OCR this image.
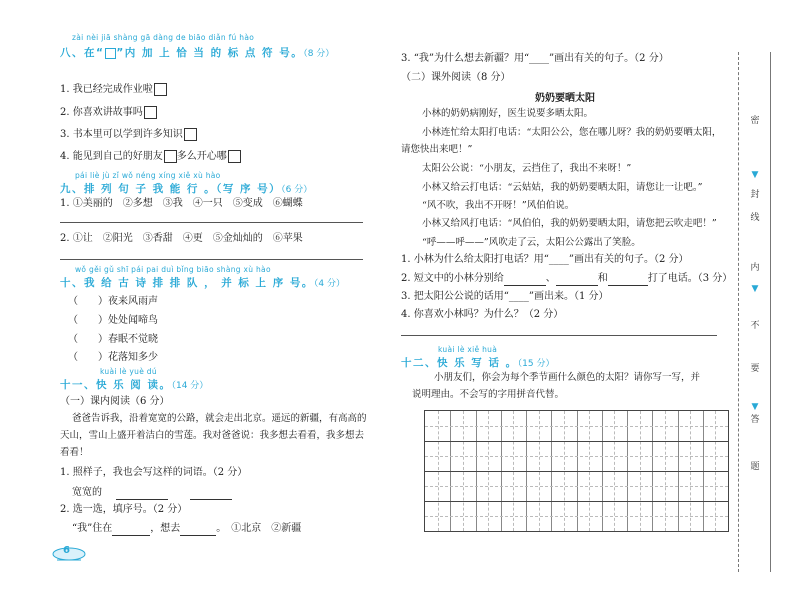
zài nèi jiā shàng gā dàng de biāo diǎn fú hào
八、在“ ”内 加 上 恰 当 的 标 点 符 号。（8 分）
1. 我已经完成作业啦
2. 你喜欢讲故事吗
3. 书本里可以学到许多知识
4. 能见到自己的好朋友 多么开心哪
pái liè jù zǐ wǒ néng xíng xiě xù hào
九、排 列 句 子 我 能 行 。（写 序 号）（6 分）
1. ①美丽的　②多想　③我　④一只　⑤变成　⑥蝴蝶
2. ①让　②阳光　③香甜　④更　⑤金灿灿的　⑥苹果
wǒ gěi gǔ shī pái pai duì bǐng biāo shàng xù hào
十、我 给 古 诗 排 排 队 ， 并 标 上 序 号。（4 分）
（　　）夜来风雨声
（　　）处处闻啼鸟
（　　）春眠不觉晓
（　　）花落知多少
kuài lè yuè dú
十一、快 乐 阅 读。（14 分）
（一）课内阅读（6 分）
爸爸告诉我，沿着宽宽的公路，就会走出北京。遥远的新疆，有高高的
天山，雪山上盛开着洁白的雪莲。我对爸爸说：我多想去看看，我多想去
看看！
1. 照样子，我也会写这样的词语。（2 分）
宽宽的
2. 选一选，填序号。（2 分）
“我”住在	，想去	。　①北京　②新疆
6
3. “我”为什么想去新疆？用“____”画出有关的句子。（2 分）
（二）课外阅读（8 分）
奶奶要晒太阳
小林的奶奶病刚好，医生说要多晒太阳。
小林连忙给太阳打电话：“太阳公公，您在哪儿呀？我的奶奶要晒太阳，
请您快出来吧！”
太阳公公说：“小朋友，云挡住了，我出不来呀！”
小林又给云打电话：“云姑姑，我的奶奶要晒太阳，请您让一让吧。”
“风不吹，我出不开呀！”风伯伯说。
小林又给风打电话：“风伯伯，我的奶奶要晒太阳，请您把云吹走吧！”
“呼——呼——”风吹走了云，太阳公公露出了笑脸。
1. 小林为什么给太阳打电话？用“____”画出有关的句子。（2 分）
2. 短文中的小林分别给	、	和	打了电话。（3 分）
3. 把太阳公公说的话用“____”画出来。（1 分）
4. 你喜欢小林吗？为什么？（2 分）
kuài lè xiě huà
十二、快 乐 写 话 。（15 分）
小朋友们，你会为每个季节画什么颜色的太阳？请你写一写，并
说明理由。不会写的字用拼音代替。
密
▼
封
线
内
▼
不
要
▼
答
题
